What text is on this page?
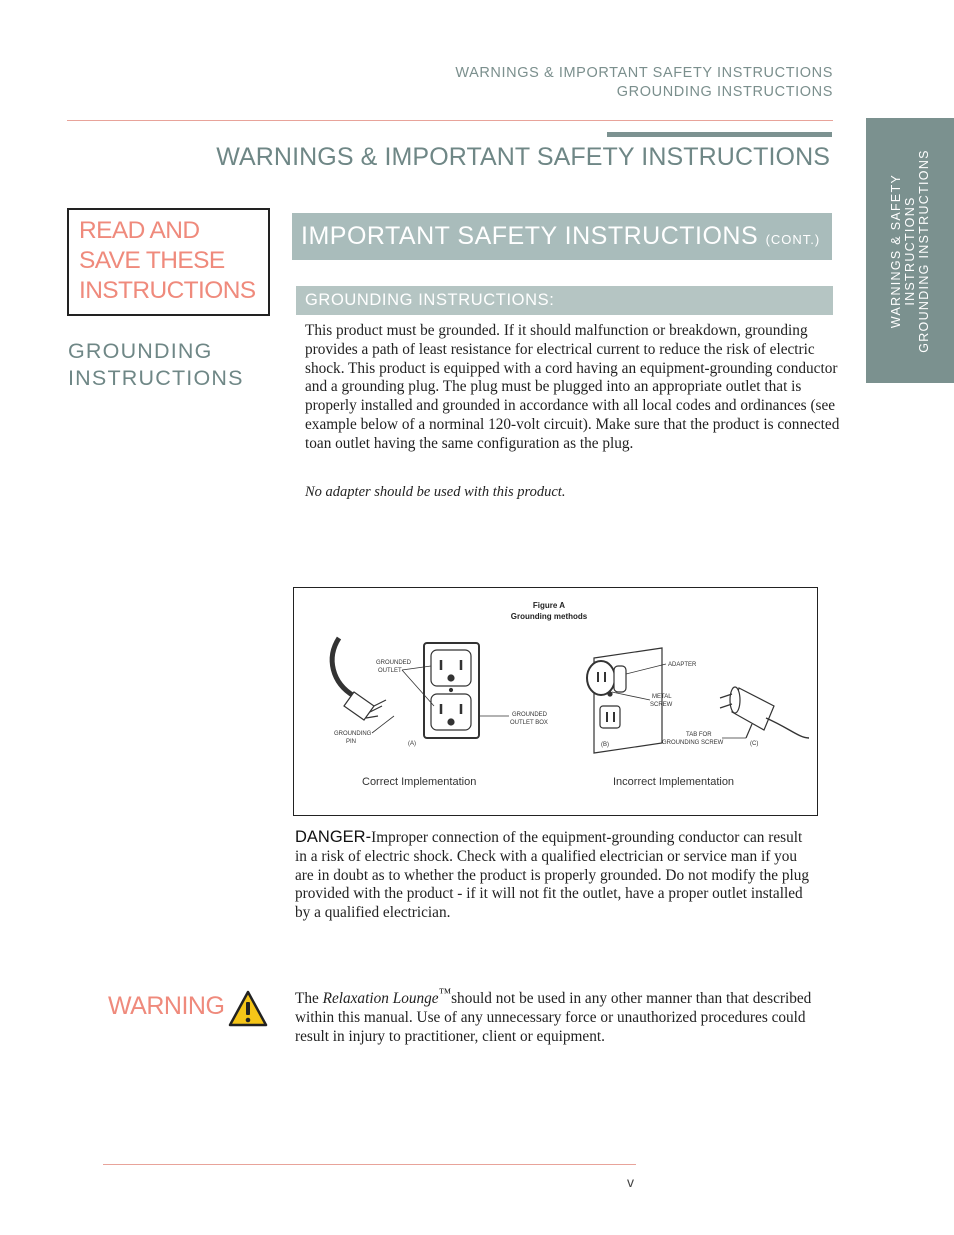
WARNINGS & IMPORTANT SAFETY INSTRUCTIONS
GROUNDING INSTRUCTIONS
WARNINGS & IMPORTANT SAFETY INSTRUCTIONS
WARNINGS & SAFETY INSTRUCTIONS GROUNDING INSTRUCTIONS
READ AND
SAVE THESE
INSTRUCTIONS
GROUNDING
INSTRUCTIONS
IMPORTANT SAFETY INSTRUCTIONS (CONT.)
GROUNDING INSTRUCTIONS:
This product must be grounded. If it should malfunction or breakdown, grounding provides a path of least resistance for electrical current to reduce the risk of electric shock. This product is equipped with a cord having an equipment-grounding conductor and a grounding plug. The plug must be plugged into an appropriate outlet that is properly installed and grounded in accordance with all local codes and ordinances (see example below of a norminal 120-volt circuit). Make sure that the product is connected toan outlet having the same configuration as the plug.
No adapter should be used with this product.
Figure A
Grounding methods
GROUNDED
OUTLET
GROUNDING
PIN	(A)
GROUNDED
OUTLET BOX
ADAPTER
METAL
SCREW
(B)
TAB FOR
GROUNDING SCREW	(C)
Correct Implementation	Incorrect Implementation
DANGER-Improper connection of the equipment-grounding conductor can result in a risk of electric shock. Check with a qualified electrician or service man if you are in doubt as to whether the product is properly grounded. Do not modify the plug provided with the product - if it will not fit the outlet, have a proper outlet installed by a qualified electrician.
WARNING	The Relaxation Lounge™should not be used in any other manner than that described within this manual. Use of any unnecessary force or unauthorized procedures could result in injury to practitioner, client or equipment.
v
